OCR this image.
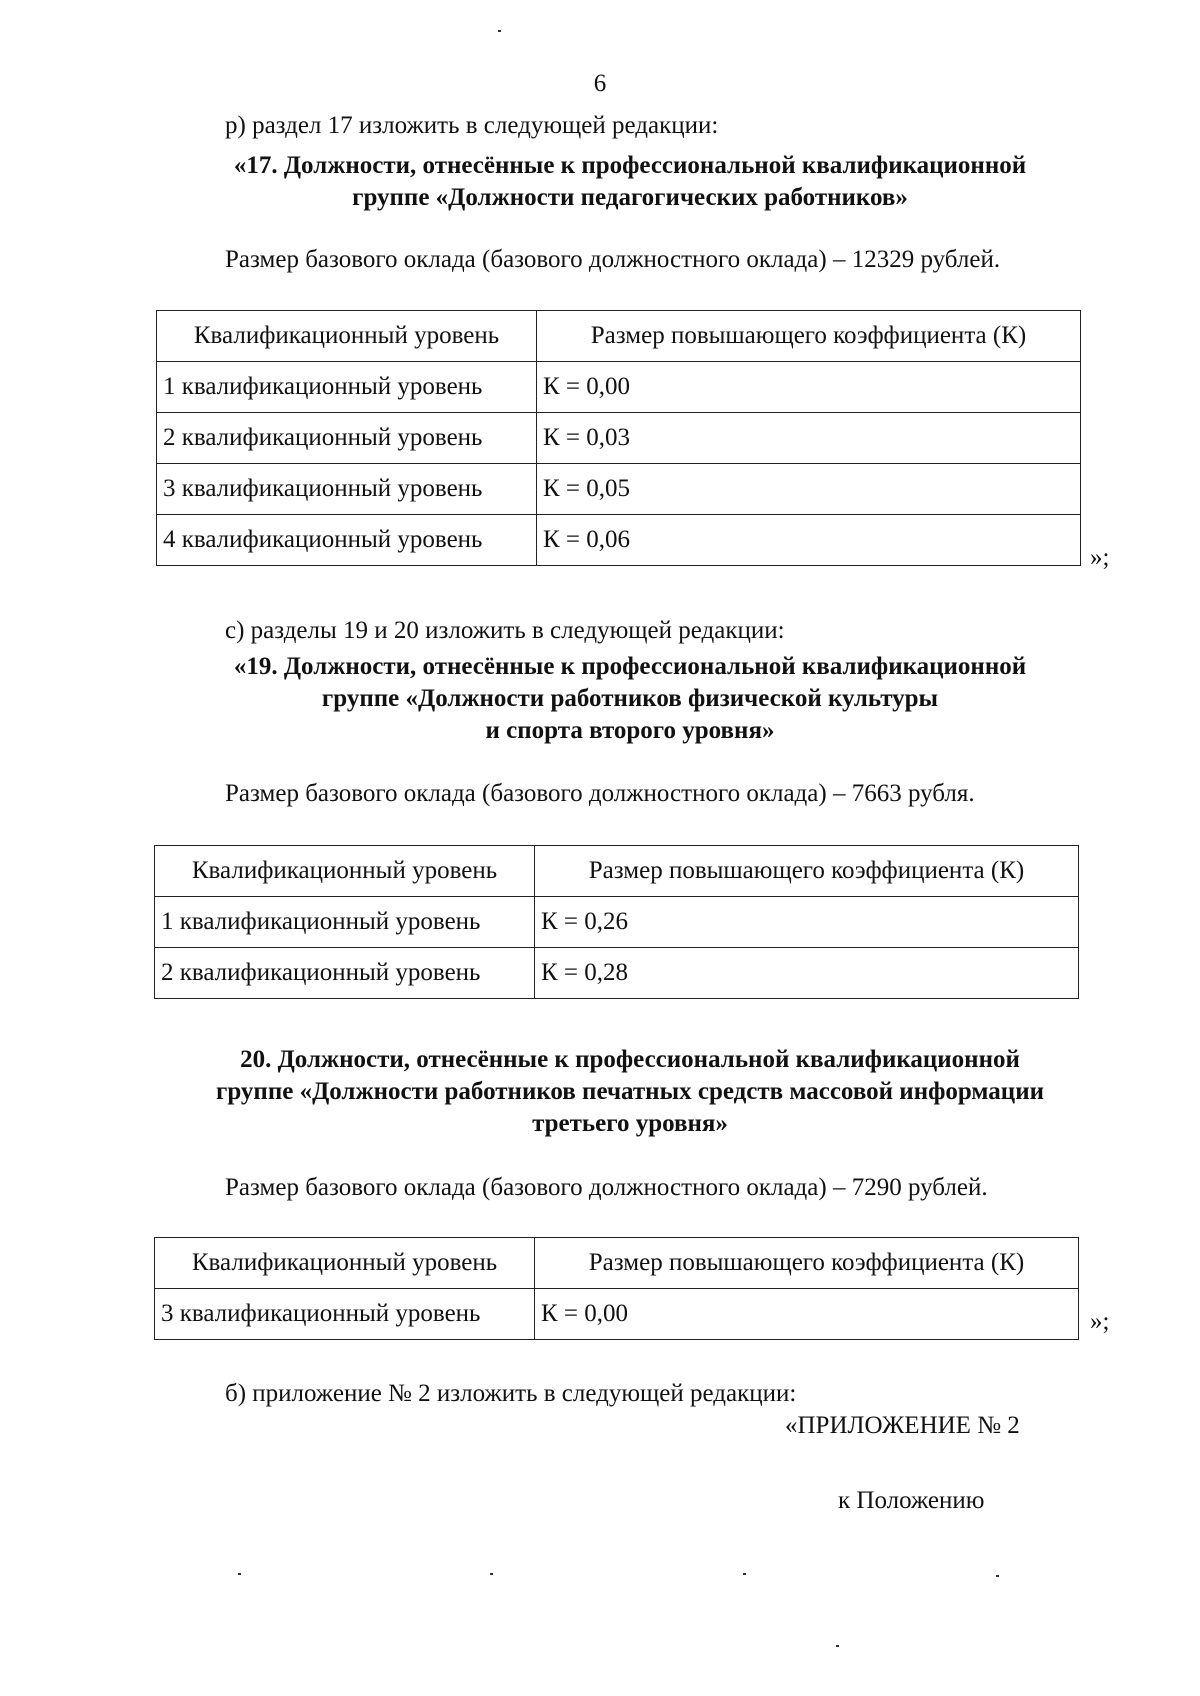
6

р) раздел 17 изложить в следующей редакции:

«17. Должности, отнесённые к профессиональной квалификационной
группе «Должности педагогических работников»

Размер базового оклада (базового должностного оклада) – 12329 рублей.

Квалификационный уровень	Размер повышающего коэффициента (К)
1 квалификационный уровень	К = 0,00
2 квалификационный уровень	К = 0,03
3 квалификационный уровень	К = 0,05
4 квалификационный уровень	К = 0,06
»;

с) разделы 19 и 20 изложить в следующей редакции:

«19. Должности, отнесённые к профессиональной квалификационной
группе «Должности работников физической культуры
и спорта второго уровня»

Размер базового оклада (базового должностного оклада) – 7663 рубля.

Квалификационный уровень	Размер повышающего коэффициента (К)
1 квалификационный уровень	К = 0,26
2 квалификационный уровень	К = 0,28
20. Должности, отнесённые к профессиональной квалификационной
группе «Должности работников печатных средств массовой информации
третьего уровня»

Размер базового оклада (базового должностного оклада) – 7290 рублей.

Квалификационный уровень	Размер повышающего коэффициента (К)
3 квалификационный уровень	К = 0,00	»;

б) приложение № 2 изложить в следующей редакции:

«ПРИЛОЖЕНИЕ № 2

к Положению
